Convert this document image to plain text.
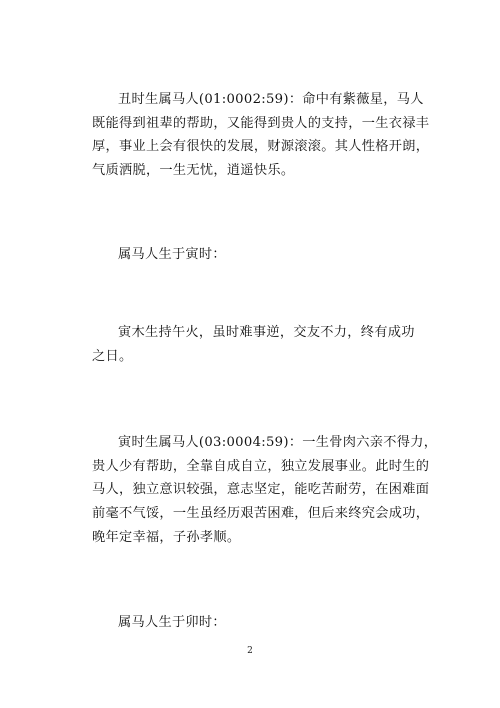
丑时生属马人(01:0002:59)：命中有紫薇星，马人
既能得到祖辈的帮助，又能得到贵人的支持，一生衣禄丰
厚，事业上会有很快的发展，财源滚滚。其人性格开朗，
气质洒脱，一生无忧，逍遥快乐。
属马人生于寅时：
寅木生持午火，虽时难事逆，交友不力，终有成功
之日。
寅时生属马人(03:0004:59)：一生骨肉六亲不得力，
贵人少有帮助，全靠自成自立，独立发展事业。此时生的
马人，独立意识较强，意志坚定，能吃苦耐劳，在困难面
前毫不气馁，一生虽经历艰苦困难，但后来终究会成功，
晚年定幸福，子孙孝顺。
属马人生于卯时：
2
